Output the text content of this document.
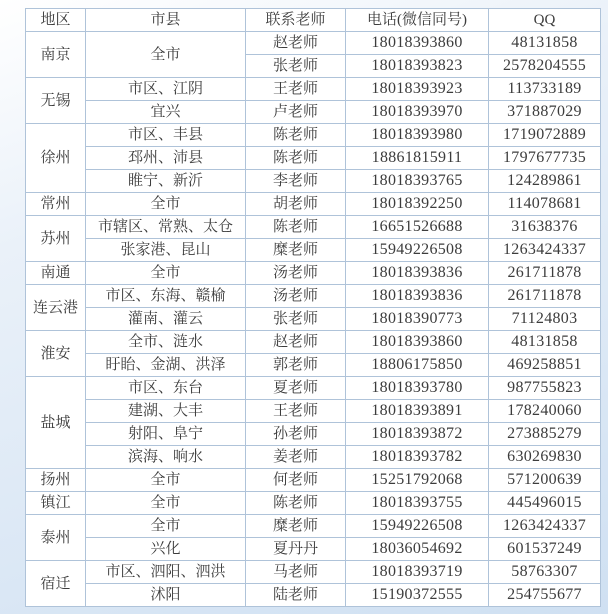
地区	市县	联系老师	电话(微信同号)	QQ
南京	全市	赵老师	18018393860	48131858
		张老师	18018393823	2578204555
无锡	市区、江阴	王老师	18018393923	113733189
	宜兴	卢老师	18018393970	371887029
徐州	市区、丰县	陈老师	18018393980	1719072889
	邳州、沛县	陈老师	18861815911	1797677735
	睢宁、新沂	李老师	18018393765	124289861
常州	全市	胡老师	18018392250	114078681
苏州	市辖区、常熟、太仓	陈老师	16651526688	31638376
	张家港、昆山	糜老师	15949226508	1263424337
南通	全市	汤老师	18018393836	261711878
连云港	市区、东海、赣榆	汤老师	18018393836	261711878
	灌南、灌云	张老师	18018390773	71124803
淮安	全市、涟水	赵老师	18018393860	48131858
	盱眙、金湖、洪泽	郭老师	18806175850	469258851
盐城	市区、东台	夏老师	18018393780	987755823
	建湖、大丰	王老师	18018393891	178240060
	射阳、阜宁	孙老师	18018393872	273885279
	滨海、响水	姜老师	18018393782	630269830
扬州	全市	何老师	15251792068	571200639
镇江	全市	陈老师	18018393755	445496015
泰州	全市	糜老师	15949226508	1263424337
	兴化	夏丹丹	18036054692	601537249
宿迁	市区、泗阳、泗洪	马老师	18018393719	58763307
	沭阳	陆老师	15190372555	254755677
